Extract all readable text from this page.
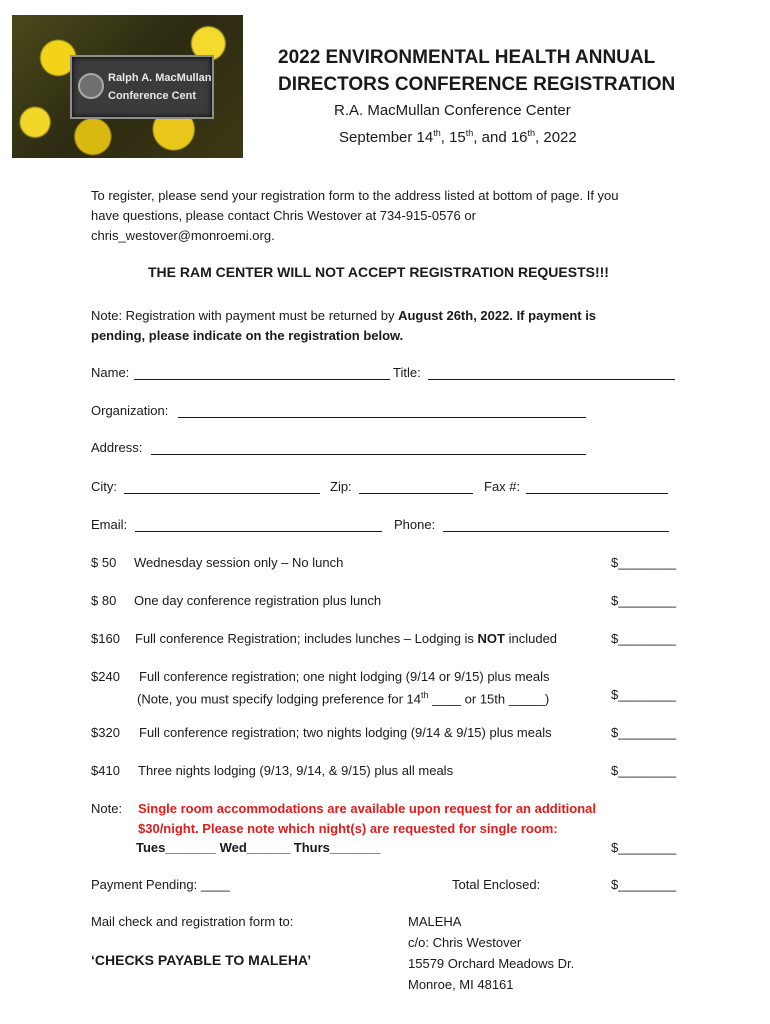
Ralph A. MacMullan
Conference Cent
2022 ENVIRONMENTAL HEALTH ANNUAL
DIRECTORS CONFERENCE REGISTRATION
R.A. MacMullan Conference Center
September 14th, 15th, and 16th, 2022
To register, please send your registration form to the address listed at bottom of page. If you
have questions, please contact Chris Westover at 734-915-0576 or
chris_westover@monroemi.org.
THE RAM CENTER WILL NOT ACCEPT REGISTRATION REQUESTS!!!
Note: Registration with payment must be returned by August 26th, 2022. If payment is
pending, please indicate on the registration below.
Name:	Title:
Organization:
Address:
City:	Zip:	Fax #:
Email:	Phone:
$ 50 Wednesday session only – No lunch	$________
$ 80 One day conference registration plus lunch	$________
$160 Full conference Registration; includes lunches – Lodging is NOT included	$________
$240 Full conference registration; one night lodging (9/14 or 9/15) plus meals
(Note, you must specify lodging preference for 14th ____ or 15th _____)	$________
$320 Full conference registration; two nights lodging (9/14 & 9/15) plus meals	$________
$410 Three nights lodging (9/13, 9/14, & 9/15) plus all meals	$________
Note: Single room accommodations are available upon request for an additional
$30/night. Please note which night(s) are requested for single room:
Tues_______ Wed______ Thurs_______	$________
Payment Pending: ____	Total Enclosed:	$________
Mail check and registration form to:
‘CHECKS PAYABLE TO MALEHA’
MALEHA
c/o: Chris Westover
15579 Orchard Meadows Dr.
Monroe, MI 48161
